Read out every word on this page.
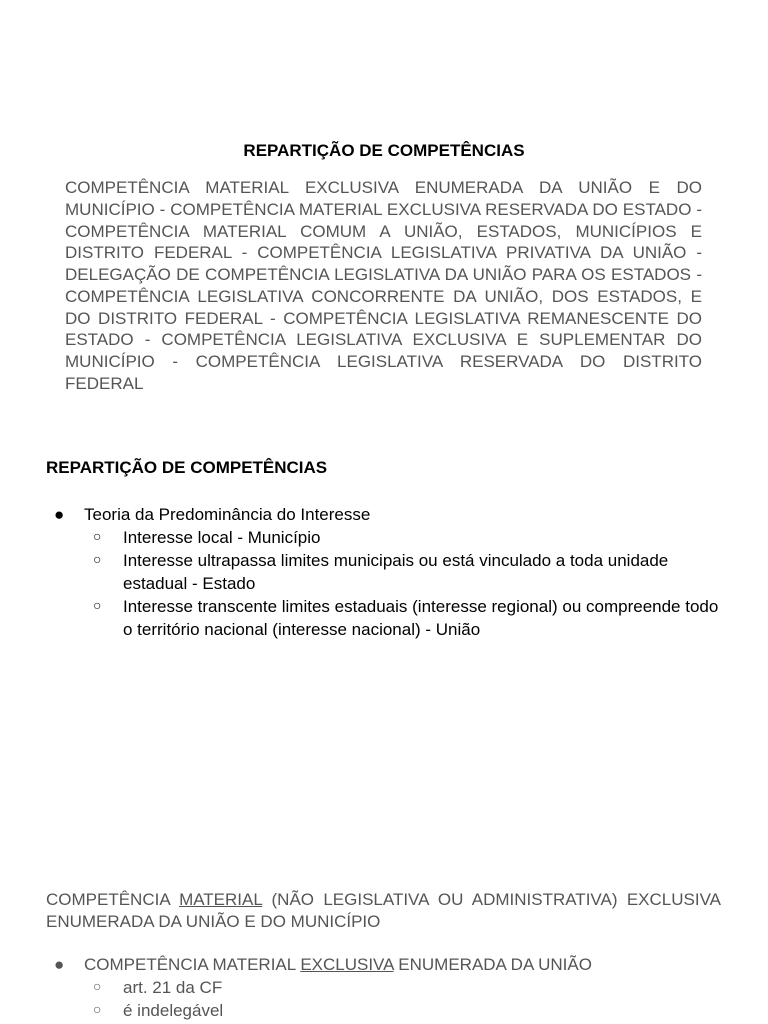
REPARTIÇÃO DE COMPETÊNCIAS
COMPETÊNCIA MATERIAL EXCLUSIVA ENUMERADA DA UNIÃO E DO MUNICÍPIO - COMPETÊNCIA MATERIAL EXCLUSIVA RESERVADA DO ESTADO - COMPETÊNCIA MATERIAL COMUM A UNIÃO, ESTADOS, MUNICÍPIOS E DISTRITO FEDERAL - COMPETÊNCIA LEGISLATIVA PRIVATIVA DA UNIÃO - DELEGAÇÃO DE COMPETÊNCIA LEGISLATIVA DA UNIÃO PARA OS ESTADOS - COMPETÊNCIA LEGISLATIVA CONCORRENTE DA UNIÃO, DOS ESTADOS, E DO DISTRITO FEDERAL - COMPETÊNCIA LEGISLATIVA REMANESCENTE DO ESTADO - COMPETÊNCIA LEGISLATIVA EXCLUSIVA E SUPLEMENTAR DO MUNICÍPIO - COMPETÊNCIA LEGISLATIVA RESERVADA DO DISTRITO FEDERAL
REPARTIÇÃO DE COMPETÊNCIAS
● Teoria da Predominância do Interesse
○ Interesse local - Município
○ Interesse ultrapassa limites municipais ou está vinculado a toda unidade estadual - Estado
○ Interesse transcente limites estaduais (interesse regional) ou compreende todo o território nacional (interesse nacional) - União
COMPETÊNCIA MATERIAL (NÃO LEGISLATIVA OU ADMINISTRATIVA) EXCLUSIVA ENUMERADA DA UNIÃO E DO MUNICÍPIO
● COMPETÊNCIA MATERIAL EXCLUSIVA ENUMERADA DA UNIÃO
○ art. 21 da CF
○ é indelegável
